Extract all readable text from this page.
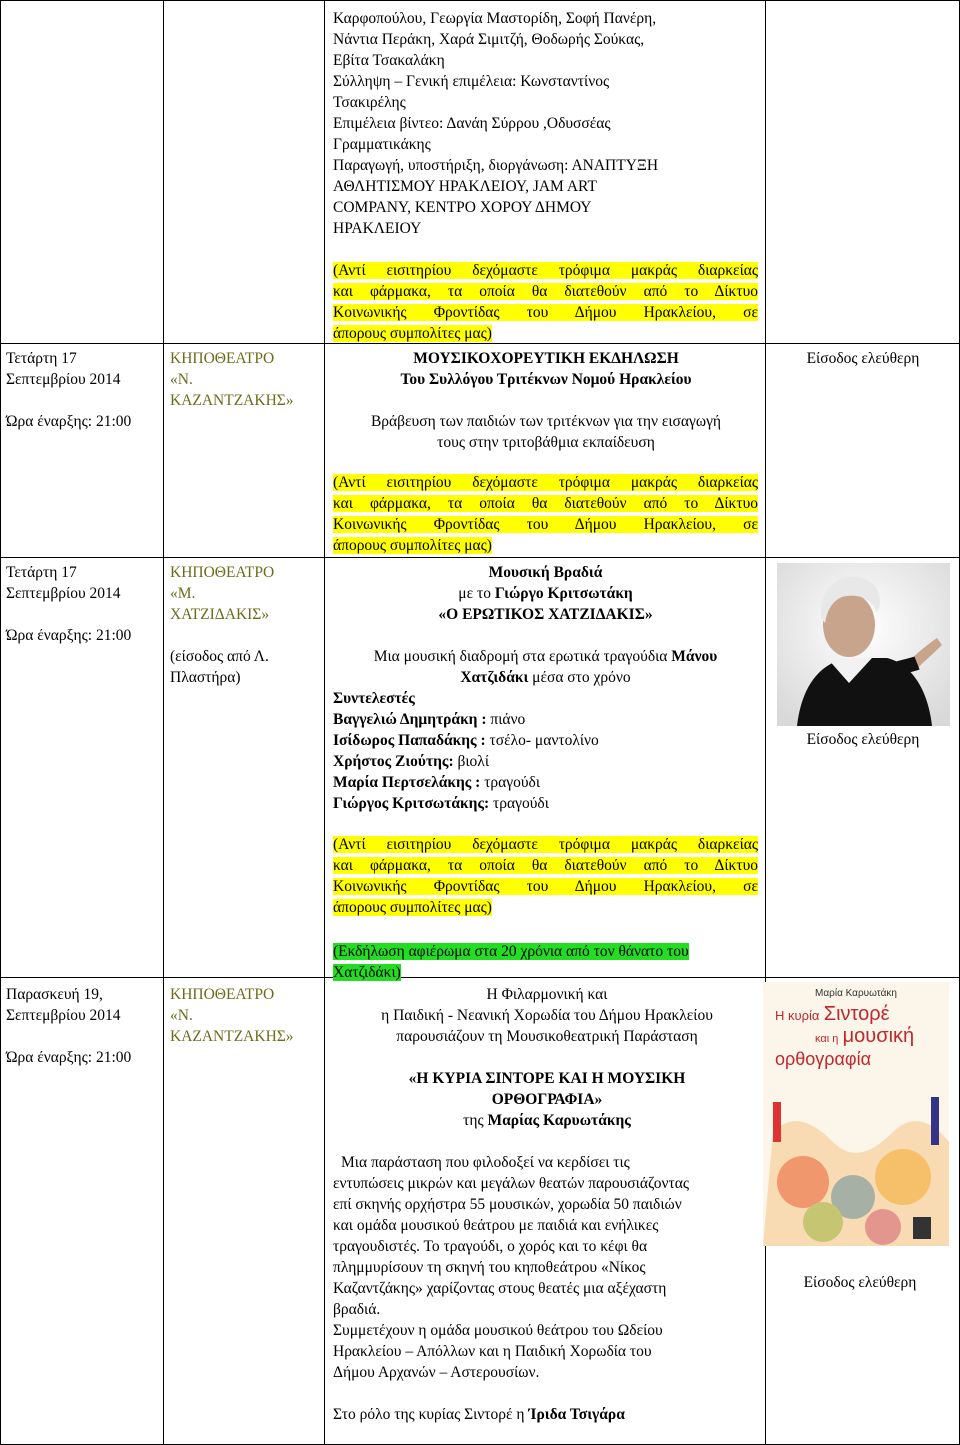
Καρφοπούλου, Γεωργία Μαστορίδη, Σοφή Πανέρη,
Νάντια Περάκη, Χαρά Σιμιτζή, Θοδωρής Σούκας,
Εβίτα Τσακαλάκη
Σύλληψη – Γενική επιμέλεια: Κωνσταντίνος
Τσακιρέλης
Επιμέλεια βίντεο: Δανάη Σύρρου ,Οδυσσέας
Γραμματικάκης
Παραγωγή, υποστήριξη, διοργάνωση: ΑΝΑΠΤΥΞΗ
ΑΘΛΗΤΙΣΜΟΥ ΗΡΑΚΛΕΙΟΥ, JAM ART
COMPANY, ΚΕΝΤΡΟ ΧΟΡΟΥ ΔΗΜΟΥ
ΗΡΑΚΛΕΙΟΥ
(Αντί εισιτηρίου δεχόμαστε τρόφιμα μακράς διαρκείας
και φάρμακα, τα οποία θα διατεθούν από το Δίκτυο
Κοινωνικής Φροντίδας του Δήμου Ηρακλείου, σε
άπορους συμπολίτες μας)
Τετάρτη 17
Σεπτεμβρίου 2014
Ώρα έναρξης: 21:00
ΚΗΠΟΘΕΑΤΡΟ
«Ν.
ΚΑΖΑΝΤΖΑΚΗΣ»
ΜΟΥΣΙΚΟΧΟΡΕΥΤΙΚΗ ΕΚΔΗΛΩΣΗ
Του Συλλόγου Τριτέκνων Νομού Ηρακλείου
Βράβευση των παιδιών των τριτέκνων για την εισαγωγή
τους στην τριτοβάθμια εκπαίδευση
Είσοδος ελεύθερη
(Αντί εισιτηρίου δεχόμαστε τρόφιμα μακράς διαρκείας
και φάρμακα, τα οποία θα διατεθούν από το Δίκτυο
Κοινωνικής Φροντίδας του Δήμου Ηρακλείου, σε
άπορους συμπολίτες μας)
Τετάρτη 17
Σεπτεμβρίου 2014
Ώρα έναρξης: 21:00
ΚΗΠΟΘΕΑΤΡΟ
«Μ.
ΧΑΤΖΙΔΑΚΙΣ»
(είσοδος από Λ.
Πλαστήρα)
Μουσική Βραδιά
με το Γιώργο Κριτσωτάκη
«Ο ΕΡΩΤΙΚΟΣ ΧΑΤΖΙΔΑΚΙΣ»
Μια μουσική διαδρομή στα ερωτικά τραγούδια Μάνου
Χατζιδάκι μέσα στο χρόνο
Συντελεστές
Βαγγελιώ Δημητράκη : πιάνο
Ισίδωρος Παπαδάκης : τσέλο- μαντολίνο
Χρήστος Ζιούτης: βιολί
Μαρία Περτσελάκης : τραγούδι
Γιώργος Κριτσωτάκης: τραγούδι
Είσοδος ελεύθερη
(Αντί εισιτηρίου δεχόμαστε τρόφιμα μακράς διαρκείας
και φάρμακα, τα οποία θα διατεθούν από το Δίκτυο
Κοινωνικής Φροντίδας του Δήμου Ηρακλείου, σε
άπορους συμπολίτες μας)
(Εκδήλωση αφιέρωμα στα 20 χρόνια από τον θάνατο του
Χατζιδάκι)
Παρασκευή 19,
Σεπτεμβρίου 2014
Ώρα έναρξης: 21:00
ΚΗΠΟΘΕΑΤΡΟ
«Ν.
ΚΑΖΑΝΤΖΑΚΗΣ»
Η Φιλαρμονική και
η Παιδική - Νεανική Χορωδία του Δήμου Ηρακλείου
παρουσιάζουν τη Μουσικοθεατρική Παράσταση
«Η ΚΥΡΙΑ ΣΙΝΤΟΡΕ ΚΑΙ Η ΜΟΥΣΙΚΗ
ΟΡΘΟΓΡΑΦΙΑ»
της Μαρίας Καρυωτάκης
Μια παράσταση που φιλοδοξεί να κερδίσει τις
εντυπώσεις μικρών και μεγάλων θεατών παρουσιάζοντας
επί σκηνής ορχήστρα 55 μουσικών, χορωδία 50 παιδιών
και ομάδα μουσικού θεάτρου με παιδιά και ενήλικες
τραγουδιστές. Το τραγούδι, ο χορός και το κέφι θα
πλημμυρίσουν τη σκηνή του κηποθεάτρου «Νίκος
Καζαντζάκης» χαρίζοντας στους θεατές μια αξέχαστη
βραδιά.
Συμμετέχουν η ομάδα μουσικού θεάτρου του Ωδείου
Ηρακλείου – Απόλλων και η Παιδική Χορωδία του
Δήμου Αρχανών – Αστερουσίων.
Στο ρόλο της κυρίας Σιντορέ η Ίριδα Τσιγάρα
Μαρία Καρυωτάκη
Η κυρία Σιντορέ
και η μουσική
ορθογραφία
Είσοδος ελεύθερη
